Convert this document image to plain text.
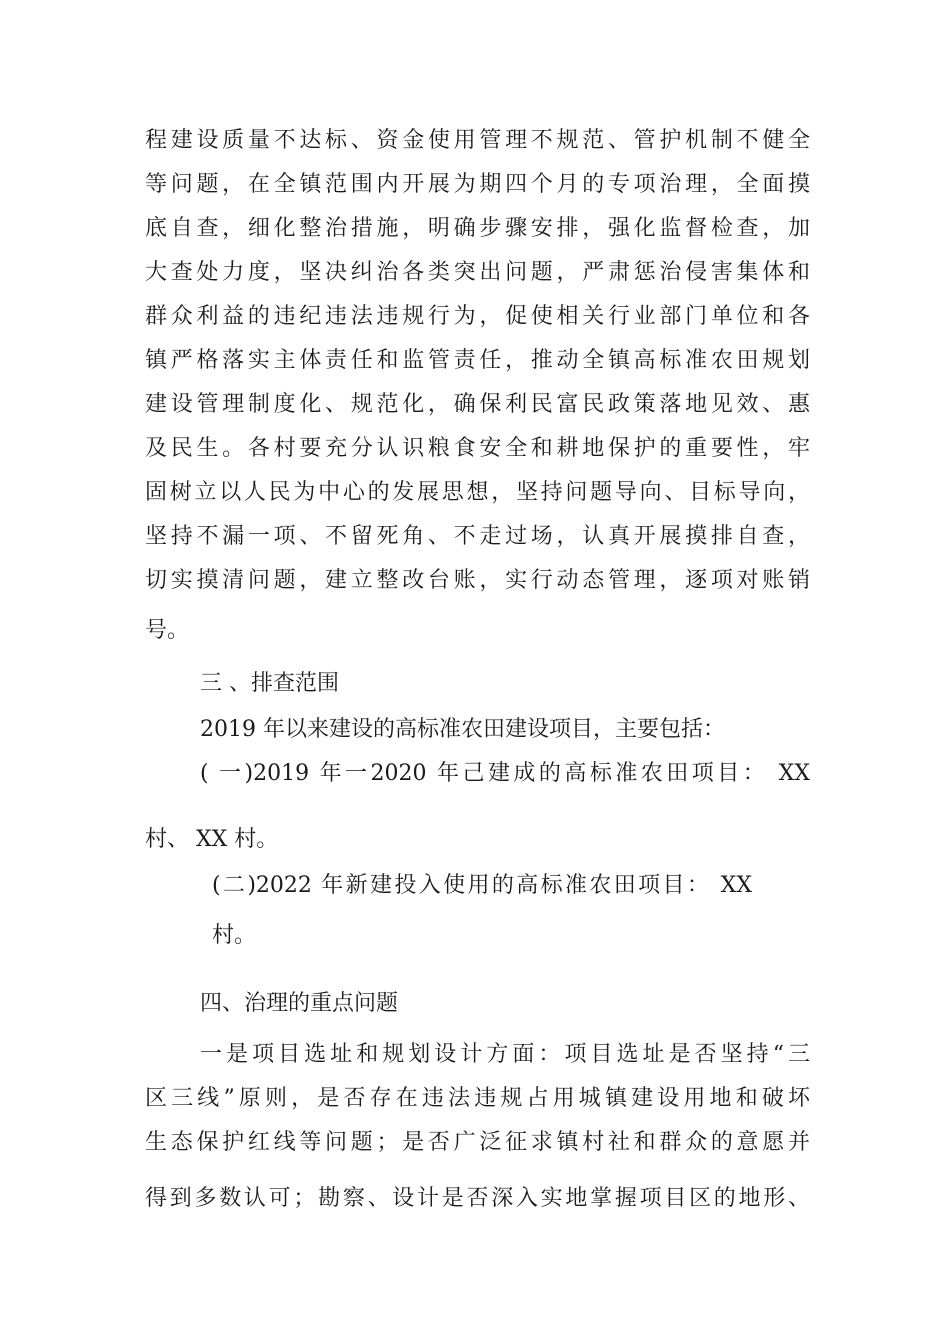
程建设质量不达标、资金使用管理不规范、管护机制不健全
等问题，在全镇范围内开展为期四个月的专项治理，全面摸
底自查，细化整治措施，明确步骤安排，强化监督检查，加
大查处力度，坚决纠治各类突出问题，严肃惩治侵害集体和
群众利益的违纪违法违规行为，促使相关行业部门单位和各
镇严格落实主体责任和监管责任，推动全镇高标准农田规划
建设管理制度化、规范化，确保利民富民政策落地见效、惠
及民生。各村要充分认识粮食安全和耕地保护的重要性，牢
固树立以人民为中心的发展思想，坚持问题导向、目标导向，
坚持不漏一项、不留死角、不走过场，认真开展摸排自查，
切实摸清问题，建立整改台账，实行动态管理，逐项对账销
号。
三 、排查范围
2019 年以来建设的高标准农田建设项目，主要包括：
( 一)2019 年一2020 年己建成的高标准农田项目： XX
村、 XX 村。
(二)2022 年新建投入使用的高标准农田项目： XX
村。
四、治理的重点问题
一是项目选址和规划设计方面：项目选址是否坚持“三
区三线”原则，是否存在违法违规占用城镇建设用地和破坏
生态保护红线等问题；是否广泛征求镇村社和群众的意愿并
得到多数认可；勘察、设计是否深入实地掌握项目区的地形、
